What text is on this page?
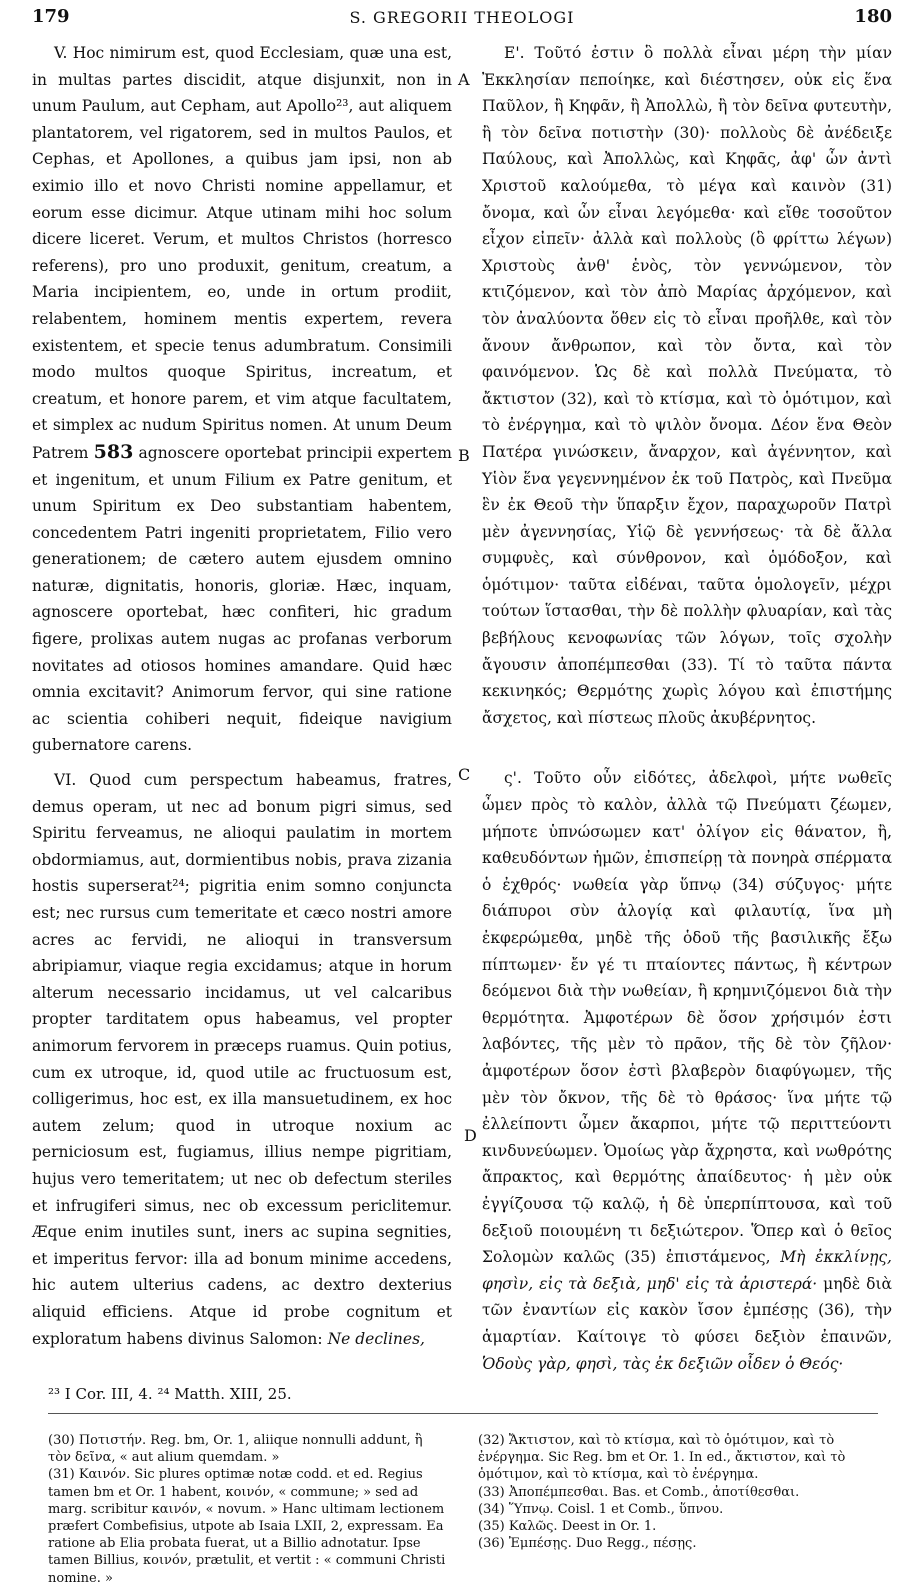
179	S. GREGORII THEOLOGI	180

V. Hoc nimirum est, quod Ecclesiam, quæ una est, in multas partes discidit, atque disjunxit, non in unum Paulum, aut Cepham, aut Apollo²³, aut aliquem plantatorem, vel rigatorem, sed in multos Paulos, et Cephas, et Apollones, a quibus jam ipsi, non ab eximio illo et novo Christi nomine appellamur, et eorum esse dicimur. Atque utinam mihi hoc solum dicere liceret. Verum, et multos Christos (horresco referens), pro uno produxit, genitum, creatum, a Maria incipientem, eo, unde in ortum prodiit, relabentem, hominem mentis expertem, revera existentem, et specie tenus adumbratum. Consimili modo multos quoque Spiritus, increatum, et creatum, et honore parem, et vim atque facultatem, et simplex ac nudum Spiritus nomen. At unum Deum Patrem 583 agnoscere oportebat principii expertem et ingenitum, et unum Filium ex Patre genitum, et unum Spiritum ex Deo substantiam habentem, concedentem Patri ingeniti proprietatem, Filio vero generationem; de cætero autem ejusdem omnino naturæ, dignitatis, honoris, gloriæ. Hæc, inquam, agnoscere oportebat, hæc confiteri, hic gradum figere, prolixas autem nugas ac profanas verborum novitates ad otiosos homines amandare. Quid hæc omnia excitavit? Animorum fervor, qui sine ratione ac scientia cohiberi nequit, fideique navigium gubernatore carens.

VI. Quod cum perspectum habeamus, fratres, demus operam, ut nec ad bonum pigri simus, sed Spiritu ferveamus, ne alioqui paulatim in mortem obdormiamus, aut, dormientibus nobis, prava zizania hostis superserat²⁴; pigritia enim somno conjuncta est; nec rursus cum temeritate et cæco nostri amore acres ac fervidi, ne alioqui in transversum abripiamur, viaque regia excidamus; atque in horum alterum necessario incidamus, ut vel calcaribus propter tarditatem opus habeamus, vel propter animorum fervorem in præceps ruamus. Quin potius, cum ex utroque, id, quod utile ac fructuosum est, colligerimus, hoc est, ex illa mansuetudinem, ex hoc autem zelum; quod in utroque noxium ac perniciosum est, fugiamus, illius nempe pigritiam, hujus vero temeritatem; ut nec ob defectum steriles et infrugiferi simus, nec ob excessum periclitemur. Æque enim inutiles sunt, iners ac supina segnities, et imperitus fervor: illa ad bonum minime accedens, hic autem ulterius cadens, ac dextro dexterius aliquid efficiens. Atque id probe cognitum et exploratum habens divinus Salomon: Ne declines,

A
B
C
D

Ε'. Τοῦτό ἐστιν ὃ πολλὰ εἶναι μέρη τὴν μίαν Ἐκκλησίαν πεποίηκε, καὶ διέστησεν, οὐκ εἰς ἕνα Παῦλον, ἢ Κηφᾶν, ἢ Ἀπολλὼ, ἢ τὸν δεῖνα φυτευτὴν, ἢ τὸν δεῖνα ποτιστὴν (30)· πολλοὺς δὲ ἀνέδειξε Παύλους, καὶ Ἀπολλὼς, καὶ Κηφᾶς, ἀφ' ὧν ἀντὶ Χριστοῦ καλούμεθα, τὸ μέγα καὶ καινὸν (31) ὄνομα, καὶ ὧν εἶναι λεγόμεθα· καὶ εἴθε τοσοῦτον εἶχον εἰπεῖν· ἀλλὰ καὶ πολλοὺς (ὃ φρίττω λέγων) Χριστοὺς ἀνθ' ἑνὸς, τὸν γεννώμενον, τὸν κτιζόμενον, καὶ τὸν ἀπὸ Μαρίας ἀρχόμενον, καὶ τὸν ἀναλύοντα ὅθεν εἰς τὸ εἶναι προῆλθε, καὶ τὸν ἄνουν ἄνθρωπον, καὶ τὸν ὄντα, καὶ τὸν φαινόμενον. Ὡς δὲ καὶ πολλὰ Πνεύματα, τὸ ἄκτιστον (32), καὶ τὸ κτίσμα, καὶ τὸ ὁμότιμον, καὶ τὸ ἐνέργημα, καὶ τὸ ψιλὸν ὄνομα. Δέον ἕνα Θεὸν Πατέρα γινώσκειν, ἄναρχον, καὶ ἀγέννητον, καὶ Υἱὸν ἕνα γεγεννημένον ἐκ τοῦ Πατρὸς, καὶ Πνεῦμα ἓν ἐκ Θεοῦ τὴν ὕπαρξιν ἔχον, παραχωροῦν Πατρὶ μὲν ἀγεννησίας, Υἱῷ δὲ γεννήσεως· τὰ δὲ ἄλλα συμφυὲς, καὶ σύνθρονον, καὶ ὁμόδοξον, καὶ ὁμότιμον· ταῦτα εἰδέναι, ταῦτα ὁμολογεῖν, μέχρι τούτων ἵστασθαι, τὴν δὲ πολλὴν φλυαρίαν, καὶ τὰς βεβήλους κενοφωνίας τῶν λόγων, τοῖς σχολὴν ἄγουσιν ἀποπέμπεσθαι (33). Τί τὸ ταῦτα πάντα κεκινηκός; Θερμότης χωρὶς λόγου καὶ ἐπιστήμης ἄσχετος, καὶ πίστεως πλοῦς ἀκυβέρνητος.

ς'. Τοῦτο οὖν εἰδότες, ἀδελφοὶ, μήτε νωθεῖς ὦμεν πρὸς τὸ καλὸν, ἀλλὰ τῷ Πνεύματι ζέωμεν, μήποτε ὑπνώσωμεν κατ' ὀλίγον εἰς θάνατον, ἢ, καθευδόντων ἡμῶν, ἐπισπείρῃ τὰ πονηρὰ σπέρματα ὁ ἐχθρός· νωθεία γὰρ ὕπνῳ (34) σύζυγος· μήτε διάπυροι σὺν ἀλογίᾳ καὶ φιλαυτίᾳ, ἵνα μὴ ἐκφερώμεθα, μηδὲ τῆς ὁδοῦ τῆς βασιλικῆς ἔξω πίπτωμεν· ἔν γέ τι πταίοντες πάντως, ἢ κέντρων δεόμενοι διὰ τὴν νωθείαν, ἢ κρημνιζόμενοι διὰ τὴν θερμότητα. Ἀμφοτέρων δὲ ὅσον χρήσιμόν ἐστι λαβόντες, τῆς μὲν τὸ πρᾶον, τῆς δὲ τὸν ζῆλον· ἀμφοτέρων ὅσον ἐστὶ βλαβερὸν διαφύγωμεν, τῆς μὲν τὸν ὄκνον, τῆς δὲ τὸ θράσος· ἵνα μήτε τῷ ἐλλείποντι ὦμεν ἄκαρποι, μήτε τῷ περιττεύοντι κινδυνεύωμεν. Ὁμοίως γὰρ ἄχρηστα, καὶ νωθρότης ἄπρακτος, καὶ θερμότης ἀπαίδευτος· ἡ μὲν οὐκ ἐγγίζουσα τῷ καλῷ, ἡ δὲ ὑπερπίπτουσα, καὶ τοῦ δεξιοῦ ποιουμένη τι δεξιώτερον. Ὅπερ καὶ ὁ θεῖος Σολομὼν καλῶς (35) ἐπιστάμενος, Μὴ ἐκκλίνῃς, φησὶν, εἰς τὰ δεξιὰ, μηδ' εἰς τὰ ἀριστερά· μηδὲ διὰ τῶν ἐναντίων εἰς κακὸν ἴσον ἐμπέσῃς (36), τὴν ἁμαρτίαν. Καίτοιγε τὸ φύσει δεξιὸν ἐπαινῶν, Ὁδοὺς γὰρ, φησὶ, τὰς ἐκ δεξιῶν οἶδεν ὁ Θεός·

²³ I Cor. III, 4. ²⁴ Matth. XIII, 25.

(30) Ποτιστήν. Reg. bm, Or. 1, aliique nonnulli addunt, ἢ τὸν δεῖνα, « aut alium quemdam. »

(31) Καινόν. Sic plures optimæ notæ codd. et ed. Regius tamen bm et Or. 1 habent, κοινόν, « commune; » sed ad marg. scribitur καινόν, « novum. » Hanc ultimam lectionem præfert Combefisius, utpote ab Isaia LXII, 2, expressam. Ea ratione ab Elia probata fuerat, ut a Billio adnotatur. Ipse tamen Billius, κοινόν, prætulit, et vertit : « communi Christi nomine. »

(32) Ἄκτιστον, καὶ τὸ κτίσμα, καὶ τὸ ὁμότιμον, καὶ τὸ ἐνέργημα. Sic Reg. bm et Or. 1. In ed., ἄκτιστον, καὶ τὸ ὁμότιμον, καὶ τὸ κτίσμα, καὶ τὸ ἐνέργημα.

(33) Ἀποπέμπεσθαι. Bas. et Comb., ἀποτίθεσθαι.

(34) Ὕπνῳ. Coisl. 1 et Comb., ὕπνου.

(35) Καλῶς. Deest in Or. 1.

(36) Ἐμπέσῃς. Duo Regg., πέσῃς.
